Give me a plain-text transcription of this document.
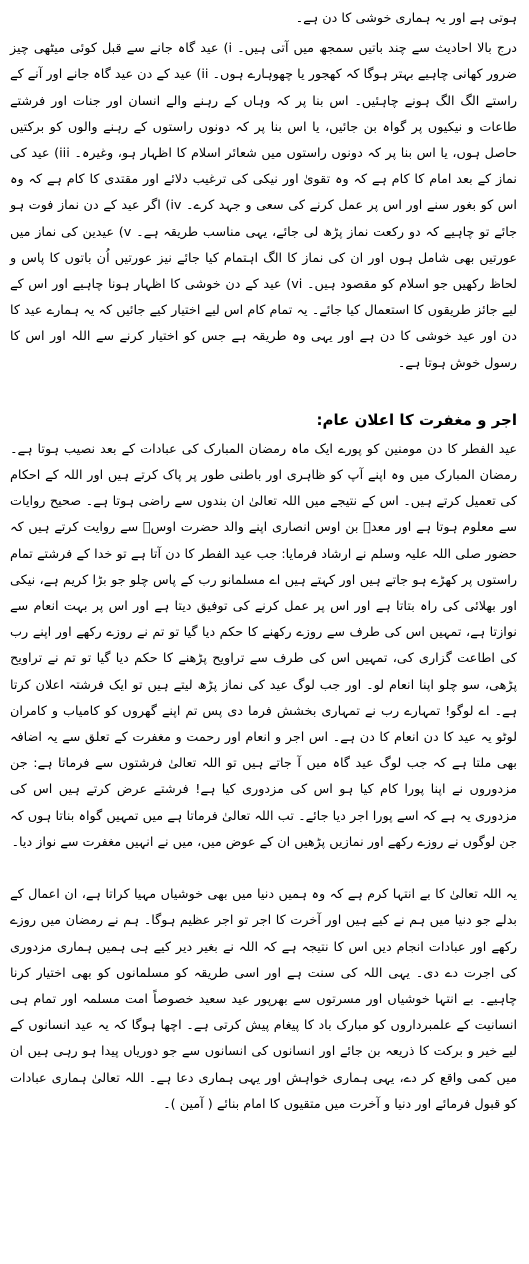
ہوتی ہے اور یہ ہماری خوشی کا دن ہے۔

درج بالا احادیث سے چند باتیں سمجھ میں آتی ہیں۔ i) عید گاہ جانے سے قبل کوئی میٹھی چیز ضرور کھانی چاہیے بہتر ہوگا کہ کھجور یا چھوہارے ہوں۔ ii) عید کے دن عید گاہ جانے اور آنے کے راستے الگ الگ ہونے چاہئیں۔ اس بنا پر کہ وہاں کے رہنے والے انسان اور جنات اور فرشتے طاعات و نیکیوں پر گواہ بن جائیں، یا اس بنا پر کہ دونوں راستوں کے رہنے والوں کو برکتیں حاصل ہوں، یا اس بنا پر کہ دونوں راستوں میں شعائر اسلام کا اظہار ہو، وغیرہ۔ iii) عید کی نماز کے بعد امام کا کام ہے کہ وہ تقویٰ اور نیکی کی ترغیب دلائے اور مقتدی کا کام ہے کہ وہ اس کو بغور سنے اور اس پر عمل کرنے کی سعی و جہد کرے۔ iv) اگر عید کے دن نماز فوت ہو جائے تو چاہیے کہ دو رکعت نماز پڑھ لی جائے، یہی مناسب طریقہ ہے۔ v) عیدین کی نماز میں عورتیں بھی شامل ہوں اور ان کی نماز کا الگ اہتمام کیا جائے نیز عورتیں اُن باتوں کا پاس و لحاظ رکھیں جو اسلام کو مقصود ہیں۔ vi) عید کے دن خوشی کا اظہار ہونا چاہیے اور اس کے لیے جائز طریقوں کا استعمال کیا جائے۔ یہ تمام کام اس لیے اختیار کیے جائیں کہ یہ ہمارے عید کا دن اور عید خوشی کا دن ہے اور یہی وہ طریقہ ہے جس کو اختیار کرنے سے اللہ اور اس کا رسول خوش ہوتا ہے۔

اجر و مغفرت کا اعلان عام:

عید الفطر کا دن مومنین کو پورے ایک ماہ رمضان المبارک کی عبادات کے بعد نصیب ہوتا ہے۔ رمضان المبارک میں وہ اپنے آپ کو ظاہری اور باطنی طور پر پاک کرتے ہیں اور اللہ کے احکام کی تعمیل کرتے ہیں۔ اس کے نتیجے میں اللہ تعالیٰ ان بندوں سے راضی ہوتا ہے۔ صحیح روایات سے معلوم ہوتا ہے اور معدؓ بن اوس انصاری اپنے والد حضرت اوسؓ سے روایت کرتے ہیں کہ حضور صلی اللہ علیہ وسلم نے ارشاد فرمایا: جب عید الفطر کا دن آتا ہے تو خدا کے فرشتے تمام راستوں پر کھڑے ہو جاتے ہیں اور کہتے ہیں اے مسلمانو رب کے پاس چلو جو بڑا کریم ہے، نیکی اور بھلائی کی راہ بتاتا ہے اور اس پر عمل کرنے کی توفیق دیتا ہے اور اس پر بہت انعام سے نوازتا ہے، تمہیں اس کی طرف سے روزے رکھنے کا حکم دیا گیا تو تم نے روزے رکھے اور اپنے رب کی اطاعت گزاری کی، تمہیں اس کی طرف سے تراویح پڑھنے کا حکم دیا گیا تو تم نے تراویح پڑھی، سو چلو اپنا انعام لو۔ اور جب لوگ عید کی نماز پڑھ لیتے ہیں تو ایک فرشتہ اعلان کرتا ہے۔ اے لوگو! تمہارے رب نے تمہاری بخشش فرما دی پس تم اپنے گھروں کو کامیاب و کامران لوٹو یہ عید کا دن انعام کا دن ہے۔ اس اجر و انعام اور رحمت و مغفرت کے تعلق سے یہ اضافہ بھی ملتا ہے کہ جب لوگ عید گاہ میں آ جاتے ہیں تو اللہ تعالیٰ فرشتوں سے فرماتا ہے: جن مزدوروں نے اپنا پورا کام کیا ہو اس کی مزدوری کیا ہے! فرشتے عرض کرتے ہیں اس کی مزدوری یہ ہے کہ اسے پورا اجر دیا جائے۔ تب اللہ تعالیٰ فرماتا ہے میں تمہیں گواہ بناتا ہوں کہ جن لوگوں نے روزے رکھے اور نمازیں پڑھیں ان کے عوض میں، میں نے انہیں مغفرت سے نواز دیا۔

یہ اللہ تعالیٰ کا بے انتہا کرم ہے کہ وہ ہمیں دنیا میں بھی خوشیاں مہیا کراتا ہے، ان اعمال کے بدلے جو دنیا میں ہم نے کیے ہیں اور آخرت کا اجر تو اجر عظیم ہوگا۔ ہم نے رمضان میں روزے رکھے اور عبادات انجام دیں اس کا نتیجہ ہے کہ اللہ نے بغیر دیر کیے ہی ہمیں ہماری مزدوری کی اجرت دے دی۔ یہی اللہ کی سنت ہے اور اسی طریقہ کو مسلمانوں کو بھی اختیار کرنا چاہیے۔ بے انتہا خوشیاں اور مسرتوں سے بھرپور عید سعید خصوصاً امت مسلمہ اور تمام ہی انسانیت کے علمبرداروں کو مبارک باد کا پیغام پیش کرتی ہے۔ اچھا ہوگا کہ یہ عید انسانوں کے لیے خیر و برکت کا ذریعہ بن جائے اور انسانوں کی انسانوں سے جو دوریاں پیدا ہو رہی ہیں ان میں کمی واقع کر دے، یہی ہماری خواہش اور یہی ہماری دعا ہے۔ اللہ تعالیٰ ہماری عبادات کو قبول فرمائے اور دنیا و آخرت میں متقیوں کا امام بنائے ( آمین )۔
